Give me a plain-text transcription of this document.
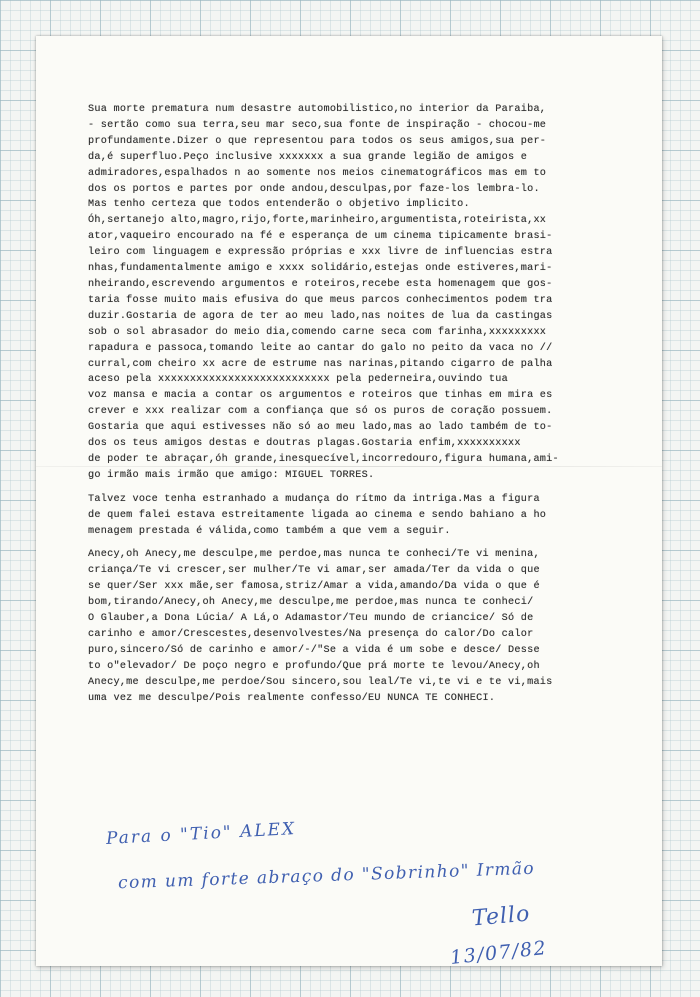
Sua morte prematura num desastre automobilistico,no interior da Paraiba,
- sertão como sua terra,seu mar seco,sua fonte de inspiração - chocou-me
profundamente.Dizer o que representou para todos os seus amigos,sua per-
da,é superfluo.Peço inclusive xxxxxxx a sua grande legião de amigos e
admiradores,espalhados n ao somente nos meios cinematográficos mas em to
dos os portos e partes por onde andou,desculpas,por faze-los lembra-lo.
Mas tenho certeza que todos entenderão o objetivo implicito.
Óh,sertanejo alto,magro,rijo,forte,marinheiro,argumentista,roteirista,xx
ator,vaqueiro encourado na fé e esperança de um cinema tipicamente brasi-
leiro com linguagem e expressão próprias e xxx livre de influencias estra
nhas,fundamentalmente amigo e xxxx solidário,estejas onde estiveres,mari-
nheirando,escrevendo argumentos e roteiros,recebe esta homenagem que gos-
taria fosse muito mais efusiva do que meus parcos conhecimentos podem tra
duzir.Gostaria de agora de ter ao meu lado,nas noites de lua da castingas
sob o sol abrasador do meio dia,comendo carne seca com farinha,xxxxxxxxx
rapadura e passoca,tomando leite ao cantar do galo no peito da vaca no //
curral,com cheiro xx acre de estrume nas narinas,pitando cigarro de palha
aceso pela xxxxxxxxxxxxxxxxxxxxxxxxxxx pela pederneira,ouvindo tua
voz mansa e macia a contar os argumentos e roteiros que tinhas em mira es
crever e xxx realizar com a confiança que só os puros de coração possuem.
Gostaria que aqui estivesses não só ao meu lado,mas ao lado também de to-
dos os teus amigos destas e doutras plagas.Gostaria enfim,xxxxxxxxxx
de poder te abraçar,óh grande,inesquecível,incorredouro,figura humana,ami-
go irmão mais irmão que amigo: MIGUEL TORRES.
Talvez voce tenha estranhado a mudança do rítmo da intriga.Mas a figura
de quem falei estava estreitamente ligada ao cinema e sendo bahiano a ho
menagem prestada é válida,como também a que vem a seguir.
Anecy,oh Anecy,me desculpe,me perdoe,mas nunca te conheci/Te vi menina,
criança/Te vi crescer,ser mulher/Te vi amar,ser amada/Ter da vida o que
se quer/Ser xxx mãe,ser famosa,striz/Amar a vida,amando/Da vida o que é
bom,tirando/Anecy,oh Anecy,me desculpe,me perdoe,mas nunca te conheci/
O Glauber,a Dona Lúcia/ A Lá,o Adamastor/Teu mundo de criancice/ Só de
carinho e amor/Crescestes,desenvolvestes/Na presença do calor/Do calor
puro,sincero/Só de carinho e amor/-/"Se a vida é um sobe e desce/ Desse
to o"elevador/ De poço negro e profundo/Que prá morte te levou/Anecy,oh
Anecy,me desculpe,me perdoe/Sou sincero,sou leal/Te vi,te vi e te vi,mais
uma vez me desculpe/Pois realmente confesso/EU NUNCA TE CONHECI.
Para o "Tio" ALEX
com um forte abraço do "Sobrinho" Irmão
Tello
13/07/82
